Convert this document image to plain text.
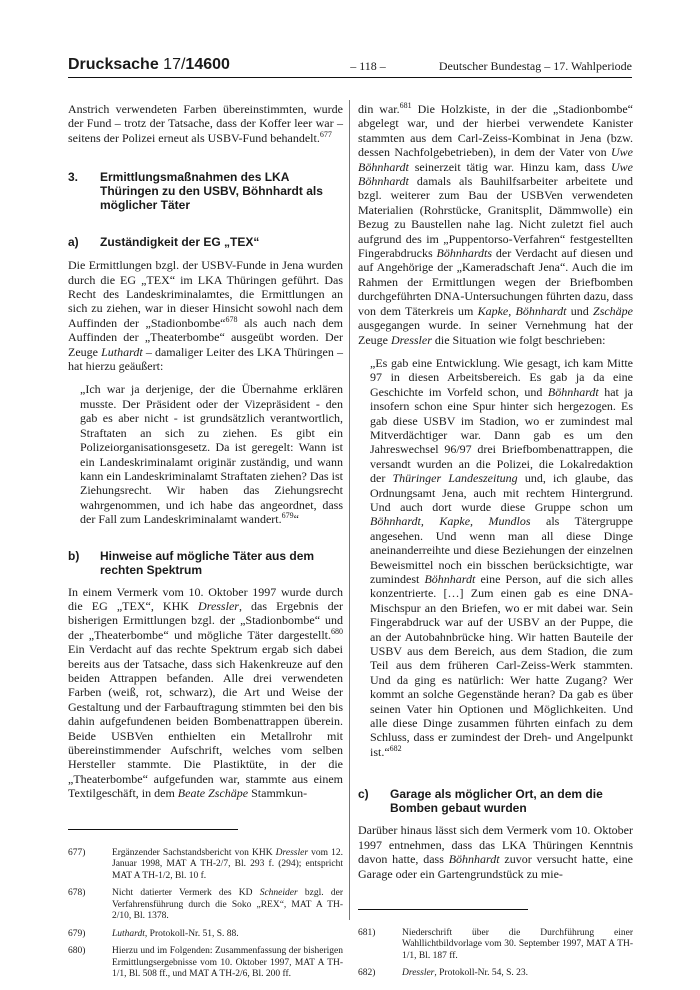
Drucksache 17/14600	– 118 –	Deutscher Bundestag – 17. Wahlperiode

Anstrich verwendeten Farben übereinstimmten, wurde der Fund – trotz der Tatsache, dass der Koffer leer war – seitens der Polizei erneut als USBV-Fund behandelt.$^{677}$

3.	Ermittlungsmaßnahmen des LKA Thüringen zu den USBV, Böhnhardt als möglicher Täter
a)	Zuständigkeit der EG „TEX“

Die Ermittlungen bzgl. der USBV-Funde in Jena wurden durch die EG „TEX“ im LKA Thüringen geführt. Das Recht des Landeskriminalamtes, die Ermittlungen an sich zu ziehen, war in dieser Hinsicht sowohl nach dem Auffinden der „Stadionbombe“$^{678}$ als auch nach dem Auffinden der „Theaterbombe“ ausgeübt worden. Der Zeuge Luthardt – damaliger Leiter des LKA Thüringen – hat hierzu geäußert:

„Ich war ja derjenige, der die Übernahme erklären musste. Der Präsident oder der Vizepräsident - den gab es aber nicht - ist grundsätzlich verantwortlich, Straftaten an sich zu ziehen. Es gibt ein Polizeiorganisationsgesetz. Da ist geregelt: Wann ist ein Landeskriminalamt originär zuständig, und wann kann ein Landeskriminalamt Straftaten ziehen? Das ist Ziehungsrecht. Wir haben das Ziehungsrecht wahrgenommen, und ich habe das angeordnet, dass der Fall zum Landeskriminalamt wandert.$^{679}$“

b)	Hinweise auf mögliche Täter aus dem rechten Spektrum

In einem Vermerk vom 10. Oktober 1997 wurde durch die EG „TEX“, KHK Dressler, das Ergebnis der bisherigen Ermittlungen bzgl. der „Stadionbombe“ und der „Theaterbombe“ und mögliche Täter dargestellt.$^{680}$ Ein Verdacht auf das rechte Spektrum ergab sich dabei bereits aus der Tatsache, dass sich Hakenkreuze auf den beiden Attrappen befanden. Alle drei verwendeten Farben (weiß, rot, schwarz), die Art und Weise der Gestaltung und der Farbauftragung stimmten bei den bis dahin aufgefundenen beiden Bombenattrappen überein. Beide USBVen enthielten ein Metallrohr mit übereinstimmender Aufschrift, welches vom selben Hersteller stammte. Die Plastiktüte, in der die „Theaterbombe“ aufgefunden war, stammte aus einem Textilgeschäft, in dem Beate Zschäpe Stammkun-

677)	Ergänzender Sachstandsbericht von KHK Dressler vom 12. Januar 1998, MAT A TH-2/7, Bl. 293 f. (294); entspricht MAT A TH-1/2, Bl. 10 f.
678)	Nicht datierter Vermerk des KD Schneider bzgl. der Verfahrensführung durch die Soko „REX“, MAT A TH-2/10, Bl. 1378.
679)	Luthardt, Protokoll-Nr. 51, S. 88.
680)	Hierzu und im Folgenden: Zusammenfassung der bisherigen Ermittlungsergebnisse vom 10. Oktober 1997, MAT A TH-1/1, Bl. 508 ff., und MAT A TH-2/6, Bl. 200 ff.

din war.$^{681}$ Die Holzkiste, in der die „Stadionbombe“ abgelegt war, und der hierbei verwendete Kanister stammten aus dem Carl-Zeiss-Kombinat in Jena (bzw. dessen Nachfolgebetrieben), in dem der Vater von Uwe Böhnhardt seinerzeit tätig war. Hinzu kam, dass Uwe Böhnhardt damals als Bauhilfsarbeiter arbeitete und bzgl. weiterer zum Bau der USBVen verwendeten Materialien (Rohrstücke, Granitsplit, Dämmwolle) ein Bezug zu Baustellen nahe lag. Nicht zuletzt fiel auch aufgrund des im „Puppentorso-Verfahren“ festgestellten Fingerabdrucks Böhnhardts der Verdacht auf diesen und auf Angehörige der „Kameradschaft Jena“. Auch die im Rahmen der Ermittlungen wegen der Briefbomben durchgeführten DNA-Untersuchungen führten dazu, dass von dem Täterkreis um Kapke, Böhnhardt und Zschäpe ausgegangen wurde. In seiner Vernehmung hat der Zeuge Dressler die Situation wie folgt beschrieben:

„Es gab eine Entwicklung. Wie gesagt, ich kam Mitte 97 in diesen Arbeitsbereich. Es gab ja da eine Geschichte im Vorfeld schon, und Böhnhardt hat ja insofern schon eine Spur hinter sich hergezogen. Es gab diese USBV im Stadion, wo er zumindest mal Mitverdächtiger war. Dann gab es um den Jahreswechsel 96/97 drei Briefbombenattrappen, die versandt wurden an die Polizei, die Lokalredaktion der Thüringer Landeszeitung und, ich glaube, das Ordnungsamt Jena, auch mit rechtem Hintergrund. Und auch dort wurde diese Gruppe schon um Böhnhardt, Kapke, Mundlos als Tätergruppe angesehen. Und wenn man all diese Dinge aneinanderreihte und diese Beziehungen der einzelnen Beweismittel noch ein bisschen berücksichtigte, war zumindest Böhnhardt eine Person, auf die sich alles konzentrierte. […] Zum einen gab es eine DNA-Mischspur an den Briefen, wo er mit dabei war. Sein Fingerabdruck war auf der USBV an der Puppe, die an der Autobahnbrücke hing. Wir hatten Bauteile der USBV aus dem Bereich, aus dem Stadion, die zum Teil aus dem früheren Carl-Zeiss-Werk stammten. Und da ging es natürlich: Wer hatte Zugang? Wer kommt an solche Gegenstände heran? Da gab es über seinen Vater hin Optionen und Möglichkeiten. Und alle diese Dinge zusammen führten einfach zu dem Schluss, dass er zumindest der Dreh- und Angelpunkt ist.“$^{682}$

c)	Garage als möglicher Ort, an dem die Bomben gebaut wurden

Darüber hinaus lässt sich dem Vermerk vom 10. Oktober 1997 entnehmen, dass das LKA Thüringen Kenntnis davon hatte, dass Böhnhardt zuvor versucht hatte, eine Garage oder ein Gartengrundstück zu mie-

681)	Niederschrift über die Durchführung einer Wahllichtbildvorlage vom 30. September 1997, MAT A TH-1/1, Bl. 187 ff.
682)	Dressler, Protokoll-Nr. 54, S. 23.
